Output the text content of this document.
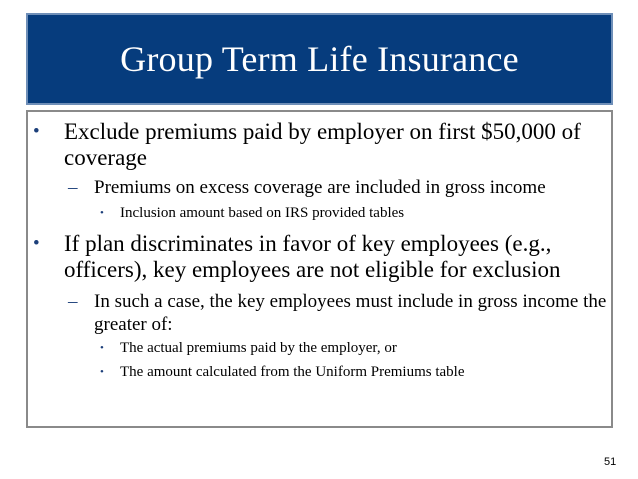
Group Term Life Insurance
• Exclude premiums paid by employer on first $50,000 of coverage
– Premiums on excess coverage are included in gross income
• Inclusion amount based on IRS provided tables
• If plan discriminates in favor of key employees (e.g., officers), key employees are not eligible for exclusion
– In such a case, the key employees must include in gross income the greater of:
• The actual premiums paid by the employer, or
• The amount calculated from the Uniform Premiums table
51
